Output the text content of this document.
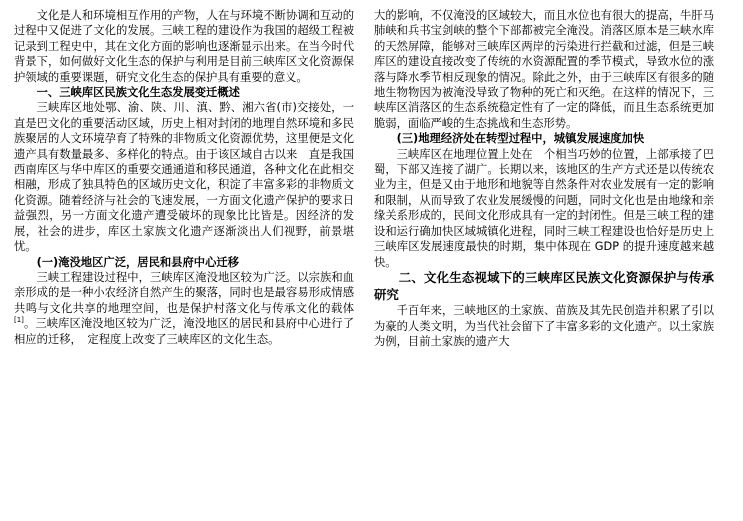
文化是人和环境相互作用的产物，人在与环境不断协调和互动的过程中又促进了文化的发展。三峡工程的建设作为我国的超级工程被记录到工程史中，其在文化方面的影响也逐渐显示出来。在当今时代背景下，如何做好文化生态的保护与利用是目前三峡库区文化资源保护领域的重要课题，研究文化生态的保护具有重要的意义。

一、三峡库区民族文化生态发展变迁概述

三峡库区地处鄂、渝、陕、川、滇、黔、湘六省(市)交接处，一直是巴文化的重要活动区域，历史上相对封闭的地理自然环境和多民族聚居的人文环境孕育了特殊的非物质文化资源优势，这里便是文化遗产具有数量最多、多样化的特点。由于该区域自古以来　直是我国西南库区与华中库区的重要交通通道和移民通道，各种文化在此相交相融，形成了独具特色的区域历史文化，积淀了丰富多彩的非物质文化资源。随着经济与社会的飞速发展，一方面文化遗产保护的要求日益强烈，另一方面文化遗产遭受破坏的现象比比皆是。因经济的发展，社会的进步，库区土家族文化遗产逐渐淡出人们视野，前景堪忧。

(一)淹没地区广泛，居民和县府中心迁移

三峡工程建设过程中，三峡库区淹没地区较为广泛。以宗族和血亲形成的是一种小农经济自然产生的聚落，同时也是最容易形成情感共鸣与文化共享的地理空间，也是保护村落文化与传承文化的载体[1]。三峡库区淹没地区较为广泛，淹没地区的居民和县府中心进行了相应的迁移，　定程度上改变了三峡库区的文化生态。

大的影响，不仅淹没的区域较大，而且水位也有很大的提高，牛肝马肺峡和兵书宝剑峡的整个下部都被完全淹没。消落区原本是三峡水库的天然屏障，能够对三峡库区两岸的污染进行拦截和过滤，但是三峡库区的建设直接改变了传统的水资源配置的季节模式，导致水位的涨落与降水季节相反现象的情况。除此之外，由于三峡库区有很多的随地生物物因为被淹没导致了物种的死亡和灭绝。在这样的情况下，三峡库区消落区的生态系统稳定性有了一定的降低，而且生态系统更加脆弱，面临严峻的生态挑战和生态形势。

(三)地理经济处在转型过程中，城镇发展速度加快

三峡库区在地理位置上处在　个相当巧妙的位置，上部承接了巴蜀，下部又连接了湖广。长期以来，该地区的生产方式还是以传统农业为主，但是又由于地形和地貌等自然条件对农业发展有一定的影响和限制，从而导致了农业发展缓慢的问题，同时文化也是由地缘和亲缘关系形成的，民间文化形成具有一定的封闭性。但是三峡工程的建设和运行确加快区域城镇化进程，同时三峡工程建设也恰好是历史上三峡库区发展速度最快的时期，集中体现在 GDP 的提升速度越来越快。

二、文化生态视域下的三峡库区民族文化资源保护与传承研究

千百年来，三峡地区的土家族、苗族及其先民创造并积累了引以为豪的人类文明，为当代社会留下了丰富多彩的文化遗产。以土家族为例，目前土家族的遗产大
